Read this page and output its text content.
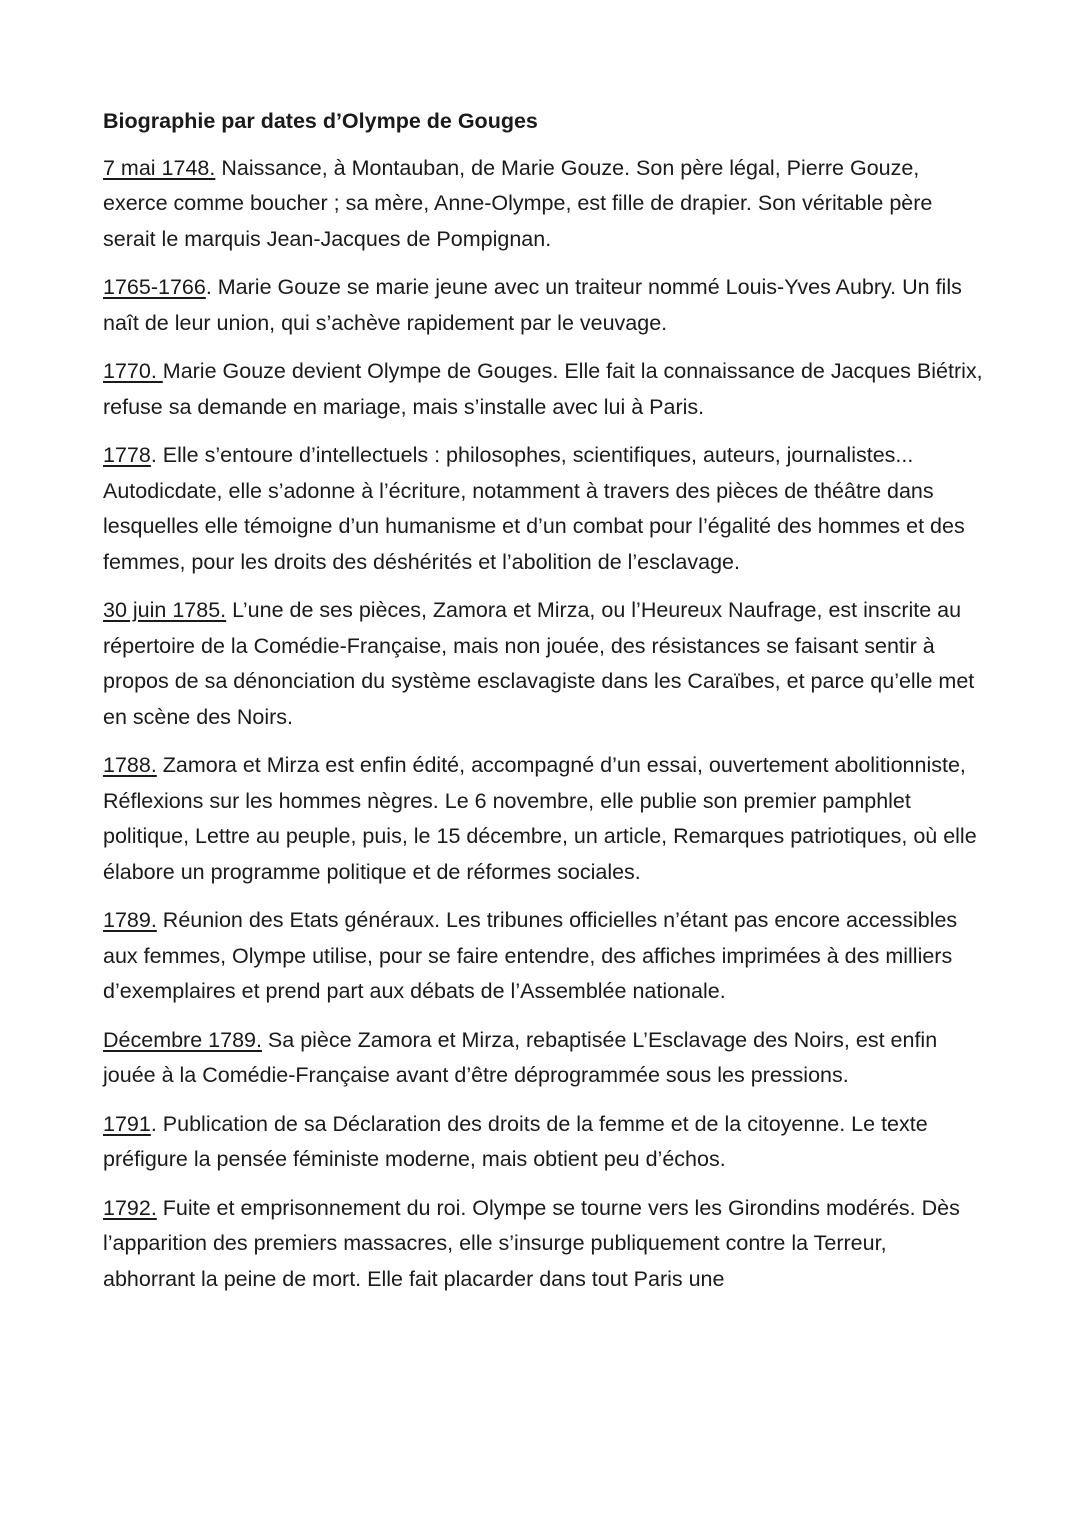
Biographie par dates d’Olympe de Gouges

7 mai 1748. Naissance, à Montauban, de Marie Gouze. Son père légal, Pierre Gouze, exerce comme boucher ; sa mère, Anne-Olympe, est fille de drapier. Son véritable père serait le marquis Jean-Jacques de Pompignan.

1765-1766. Marie Gouze se marie jeune avec un traiteur nommé Louis-Yves Aubry. Un fils naît de leur union, qui s’achève rapidement par le veuvage.

1770. Marie Gouze devient Olympe de Gouges. Elle fait la connaissance de Jacques Biétrix, refuse sa demande en mariage, mais s’installe avec lui à Paris.

1778. Elle s’entoure d’intellectuels : philosophes, scientifiques, auteurs, journalistes... Autodicdate, elle s’adonne à l’écriture, notamment à travers des pièces de théâtre dans lesquelles elle témoigne d’un humanisme et d’un combat pour l’égalité des hommes et des femmes, pour les droits des déshérités et l’abolition de l’esclavage.

30 juin 1785. L’une de ses pièces, Zamora et Mirza, ou l’Heureux Naufrage, est inscrite au répertoire de la Comédie-Française, mais non jouée, des résistances se faisant sentir à propos de sa dénonciation du système esclavagiste dans les Caraïbes, et parce qu’elle met en scène des Noirs.

1788. Zamora et Mirza est enfin édité, accompagné d’un essai, ouvertement abolitionniste, Réflexions sur les hommes nègres. Le 6 novembre, elle publie son premier pamphlet politique, Lettre au peuple, puis, le 15 décembre, un article, Remarques patriotiques, où elle élabore un programme politique et de réformes sociales.

1789. Réunion des Etats généraux. Les tribunes officielles n’étant pas encore accessibles aux femmes, Olympe utilise, pour se faire entendre, des affiches imprimées à des milliers d’exemplaires et prend part aux débats de l’Assemblée nationale.

Décembre 1789. Sa pièce Zamora et Mirza, rebaptisée L’Esclavage des Noirs, est enfin jouée à la Comédie-Française avant d’être déprogrammée sous les pressions.

1791. Publication de sa Déclaration des droits de la femme et de la citoyenne. Le texte préfigure la pensée féministe moderne, mais obtient peu d’échos.

1792. Fuite et emprisonnement du roi. Olympe se tourne vers les Girondins modérés. Dès l’apparition des premiers massacres, elle s’insurge publiquement contre la Terreur, abhorrant la peine de mort. Elle fait placarder dans tout Paris une
